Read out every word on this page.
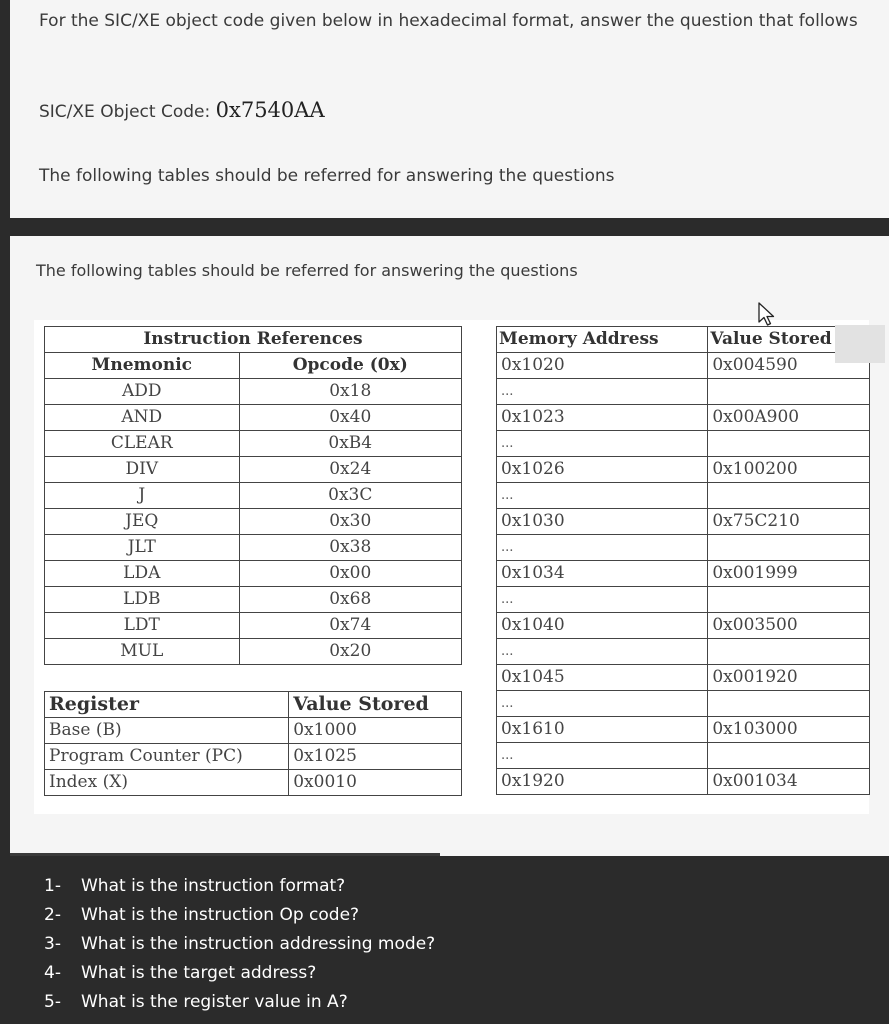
For the SIC/XE object code given below in hexadecimal format, answer the question that follows
SIC/XE Object Code: 0x7540AA
The following tables should be referred for answering the questions
The following tables should be referred for answering the questions
Instruction References	
Mnemonic	Opcode (0x)
ADD	0x18
AND	0x40
CLEAR	0xB4
DIV	0x24
J	0x3C
JEQ	0x30
JLT	0x38
LDA	0x00
LDB	0x68
LDT	0x74
MUL	0x20
Memory Address	Value Stored
0x1020	0x004590
...	
0x1023	0x00A900
...	
0x1026	0x100200
...	
0x1030	0x75C210
...	
0x1034	0x001999
...	
0x1040	0x003500
...	
0x1045	0x001920
...	
0x1610	0x103000
...	
0x1920	0x001034
Register	Value Stored
Base (B)	0x1000
Program Counter (PC)	0x1025
Index (X)	0x0010
1- What is the instruction format?
2- What is the instruction Op code?
3- What is the instruction addressing mode?
4- What is the target address?
5- What is the register value in A?
